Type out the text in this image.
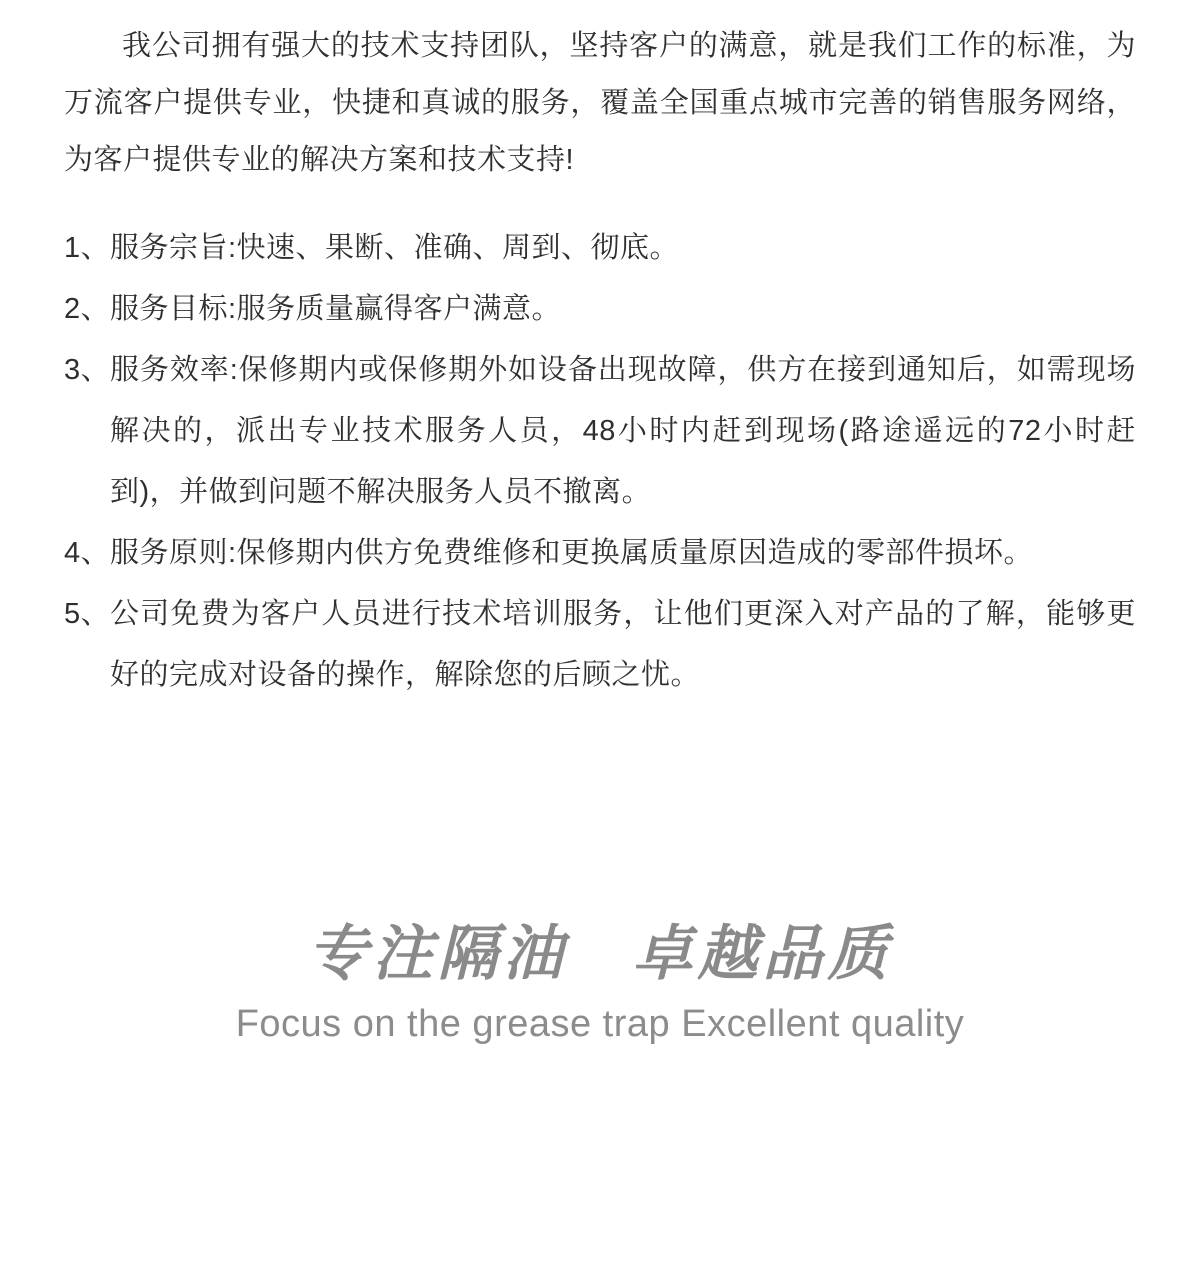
我公司拥有强大的技术支持团队，坚持客户的满意，就是我们工作的标准，为万流客户提供专业，快捷和真诚的服务，覆盖全国重点城市完善的销售服务网络，为客户提供专业的解决方案和技术支持!

1、 服务宗旨:快速、果断、准确、周到、彻底。
2、 服务目标:服务质量赢得客户满意。
3、 服务效率:保修期内或保修期外如设备出现故障，供方在接到通知后，如需现场解决的，派出专业技术服务人员，48小时内赶到现场(路途遥远的72小时赶到)，并做到问题不解决服务人员不撤离。
4、 服务原则:保修期内供方免费维修和更换属质量原因造成的零部件损坏。
5、 公司免费为客户人员进行技术培训服务，让他们更深入对产品的了解，能够更好的完成对设备的操作，解除您的后顾之忧。
专注隔油　卓越品质
Focus on the grease trap Excellent quality
